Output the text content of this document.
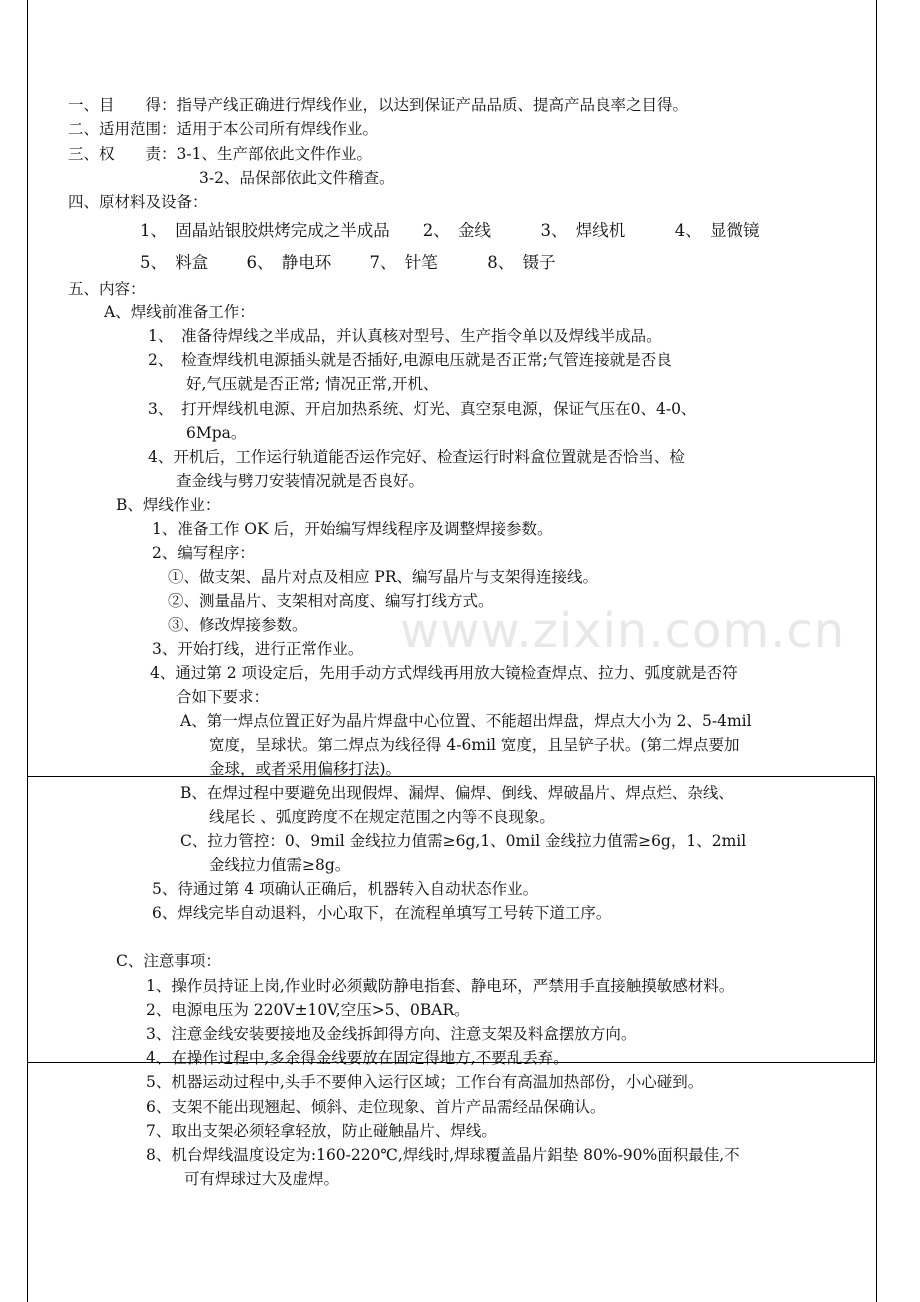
www.zixin.com.cn
一、目　　得：指导产线正确进行焊线作业，以达到保证产品品质、提高产品良率之目得。
二、适用范围：适用于本公司所有焊线作业。
三、权　　责：3-1、生产部依此文件作业。
3-2、品保部依此文件稽查。
四、原材料及设备：
1、　固晶站银胶烘烤完成之半成品　　2、　金线　　　3、　焊线机　　　4、　显微镜
5、　料盒　　 6、　静电环　　 7、　针笔　　　8、　镊子
五、内容：
A、焊线前准备工作：
1、　准备待焊线之半成品，并认真核对型号、生产指令单以及焊线半成品。
2、　检查焊线机电源插头就是否插好,电源电压就是否正常;气管连接就是否良
好,气压就是否正常; 情况正常,开机、
3、　打开焊线机电源、开启加热系统、灯光、真空泵电源，保证气压在0、4-0、
6Mpa。
4、开机后，工作运行轨道能否运作完好、检查运行时料盒位置就是否恰当、检
查金线与劈刀安装情况就是否良好。
B、焊线作业：
1、准备工作 OK 后，开始编写焊线程序及调整焊接参数。
2、编写程序：
①、做支架、晶片对点及相应 PR、编写晶片与支架得连接线。
②、测量晶片、支架相对高度、编写打线方式。
③、修改焊接参数。
3、开始打线，进行正常作业。
4、通过第 2 项设定后，先用手动方式焊线再用放大镜检查焊点、拉力、弧度就是否符
合如下要求：
A、第一焊点位置正好为晶片焊盘中心位置、不能超出焊盘，焊点大小为 2、5-4mil
宽度，呈球状。第二焊点为线径得 4-6mil 宽度，且呈铲子状。(第二焊点要加
金球，或者采用偏移打法)。
B、在焊过程中要避免出现假焊、漏焊、偏焊、倒线、焊破晶片、焊点烂、杂线、
线尾长 、弧度跨度不在规定范围之内等不良现象。
C、拉力管控：0、9mil 金线拉力值需≥6g,1、0mil 金线拉力值需≥6g，1、2mil
金线拉力值需≥8g。
5、待通过第 4 项确认正确后，机器转入自动状态作业。
6、焊线完毕自动退料，小心取下，在流程单填写工号转下道工序。
C、注意事项：
1、操作员持证上岗,作业时必须戴防静电指套、静电环，严禁用手直接触摸敏感材料。
2、电源电压为 220V±10V,空压>5、0BAR。
3、注意金线安装要接地及金线拆卸得方向、注意支架及料盒摆放方向。
4、在操作过程中,多余得金线要放在固定得地方,不要乱丢弃。
5、机器运动过程中,头手不要伸入运行区域；工作台有高温加热部份，小心碰到。
6、支架不能出现翘起、倾斜、走位现象、首片产品需经品保确认。
7、取出支架必须轻拿轻放，防止碰触晶片、焊线。
8、机台焊线温度设定为:160-220℃,焊线时,焊球覆盖晶片鋁垫 80%-90%面积最佳,不
可有焊球过大及虚焊。
